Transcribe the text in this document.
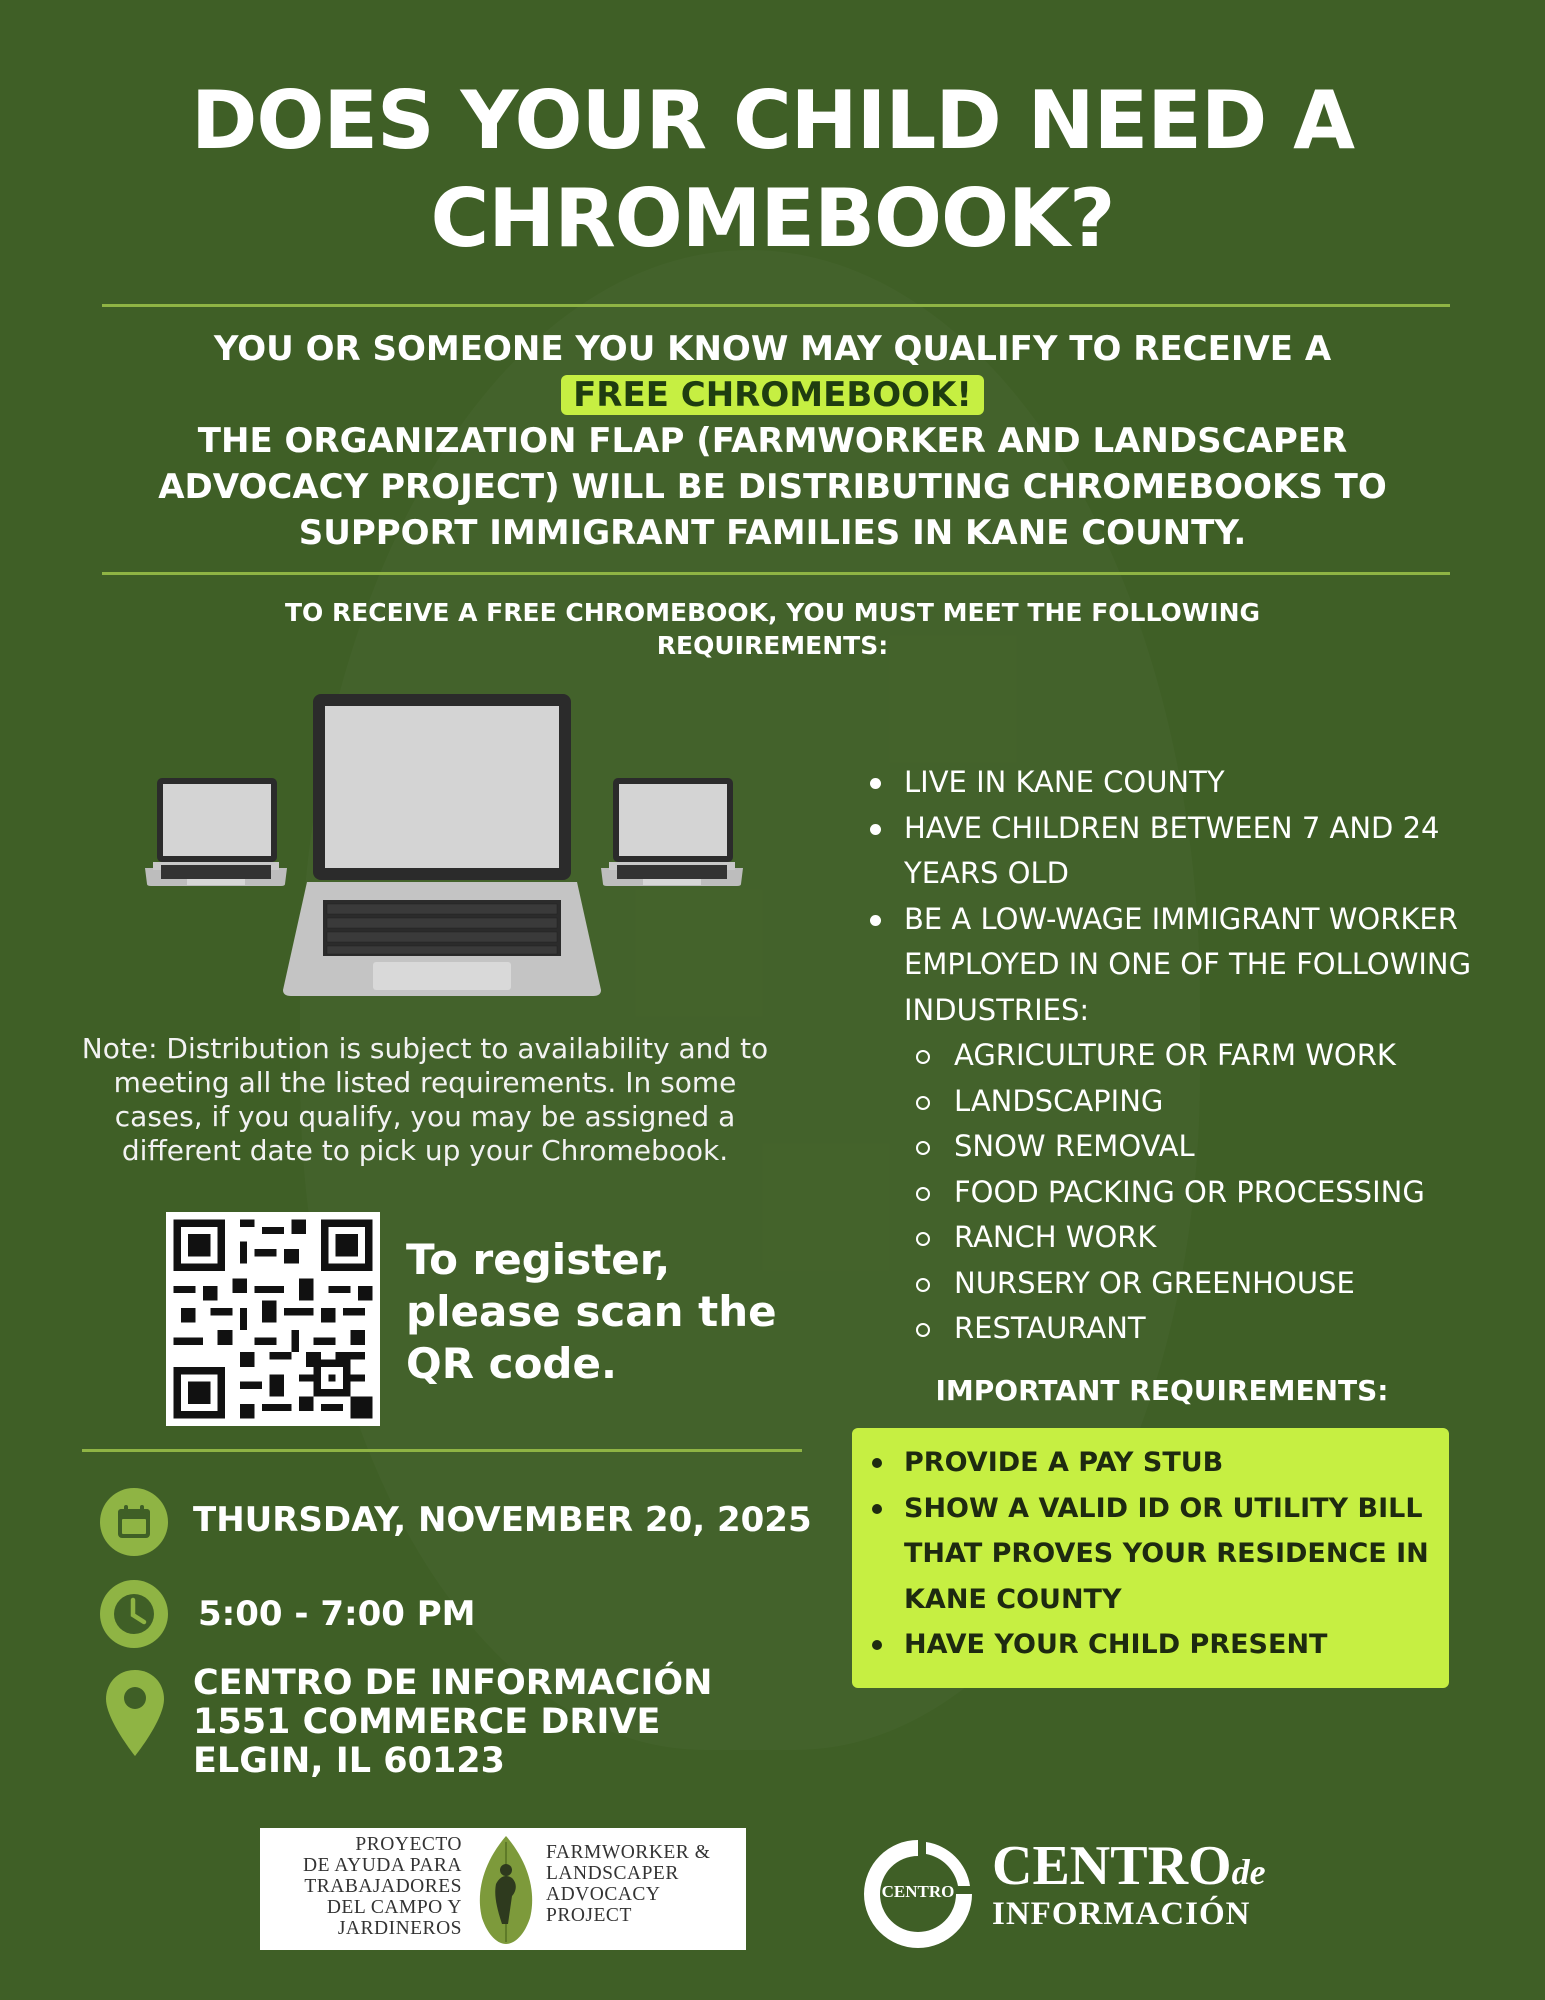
DOES YOUR CHILD NEED A CHROMEBOOK?
YOU OR SOMEONE YOU KNOW MAY QUALIFY TO RECEIVE A
FREE CHROMEBOOK!
THE ORGANIZATION FLAP (FARMWORKER AND LANDSCAPER ADVOCACY PROJECT) WILL BE DISTRIBUTING CHROMEBOOKS TO SUPPORT IMMIGRANT FAMILIES IN KANE COUNTY.
TO RECEIVE A FREE CHROMEBOOK, YOU MUST MEET THE FOLLOWING REQUIREMENTS:
Note: Distribution is subject to availability and to meeting all the listed requirements. In some cases, if you qualify, you may be assigned a different date to pick up your Chromebook.
To register, please scan the QR code.
THURSDAY, NOVEMBER 20, 2025
5:00 - 7:00 PM
CENTRO DE INFORMACIÓN
1551 COMMERCE DRIVE
ELGIN, IL 60123
LIVE IN KANE COUNTY
HAVE CHILDREN BETWEEN 7 AND 24 YEARS OLD
BE A LOW-WAGE IMMIGRANT WORKER EMPLOYED IN ONE OF THE FOLLOWING INDUSTRIES:
AGRICULTURE OR FARM WORK
LANDSCAPING
SNOW REMOVAL
FOOD PACKING OR PROCESSING
RANCH WORK
NURSERY OR GREENHOUSE
RESTAURANT
IMPORTANT REQUIREMENTS:
PROVIDE A PAY STUB
SHOW A VALID ID OR UTILITY BILL THAT PROVES YOUR RESIDENCE IN KANE COUNTY
HAVE YOUR CHILD PRESENT
PROYECTO
DE AYUDA PARA
TRABAJADORES
DEL CAMPO Y
JARDINEROS
FARMWORKER &
LANDSCAPER
ADVOCACY
PROJECT
CENTRO CENTROde
INFORMACIÓN
